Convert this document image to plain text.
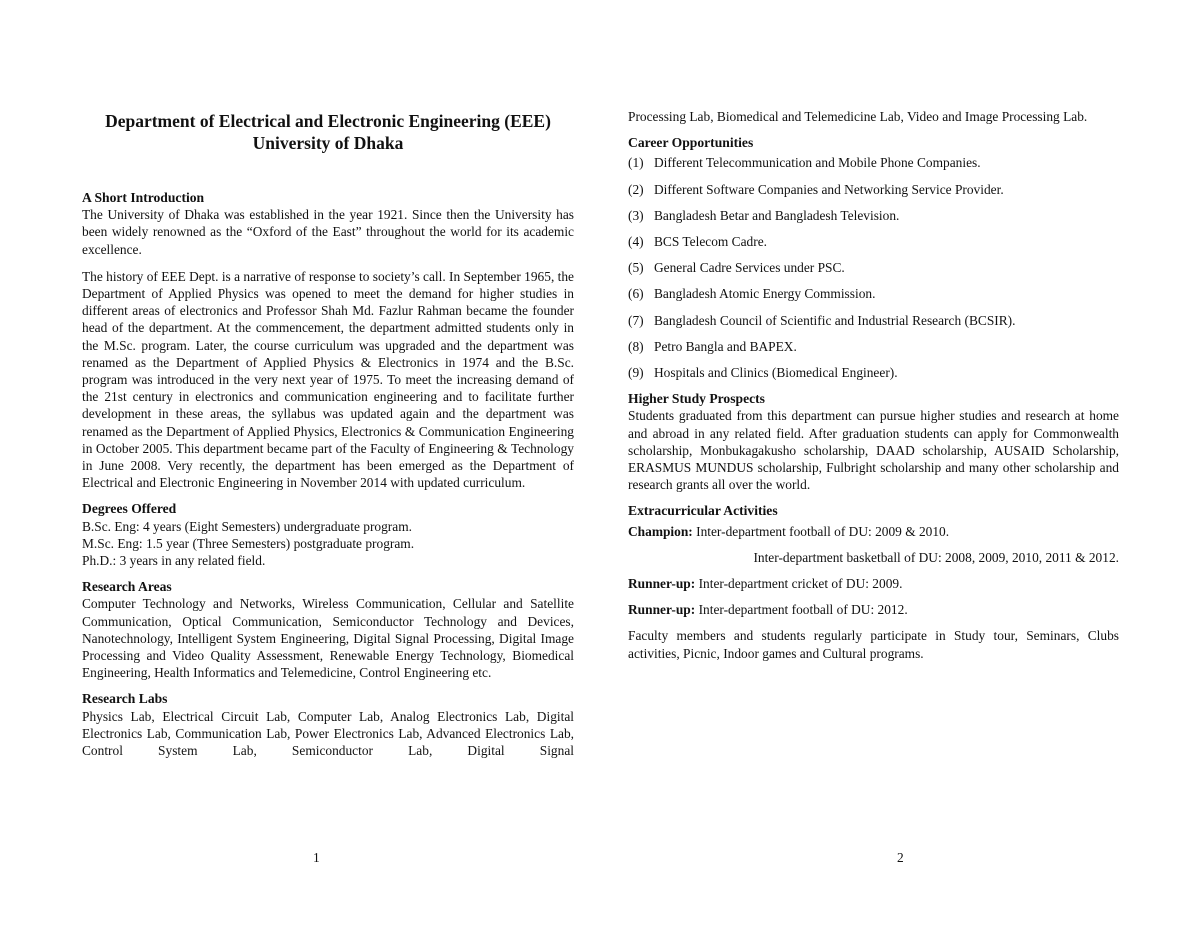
Department of Electrical and Electronic Engineering (EEE)
University of Dhaka
A Short Introduction

The University of Dhaka was established in the year 1921. Since then the University has been widely renowned as the “Oxford of the East” throughout the world for its academic excellence.

The history of EEE Dept. is a narrative of response to society’s call. In September 1965, the Department of Applied Physics was opened to meet the demand for higher studies in different areas of electronics and Professor Shah Md. Fazlur Rahman became the founder head of the department. At the commencement, the department admitted students only in the M.Sc. program. Later, the course curriculum was upgraded and the department was renamed as the Department of Applied Physics & Electronics in 1974 and the B.Sc. program was introduced in the very next year of 1975. To meet the increasing demand of the 21st century in electronics and communication engineering and to facilitate further development in these areas, the syllabus was updated again and the department was renamed as the Department of Applied Physics, Electronics & Communication Engineering in October 2005. This department became part of the Faculty of Engineering & Technology in June 2008. Very recently, the department has been emerged as the Department of Electrical and Electronic Engineering in November 2014 with updated curriculum.

Degrees Offered

B.Sc. Eng: 4 years (Eight Semesters) undergraduate program.

M.Sc. Eng: 1.5 year (Three Semesters) postgraduate program.

Ph.D.: 3 years in any related field.

Research Areas

Computer Technology and Networks, Wireless Communication, Cellular and Satellite Communication, Optical Communication, Semiconductor Technology and Devices, Nanotechnology, Intelligent System Engineering, Digital Signal Processing, Digital Image Processing and Video Quality Assessment, Renewable Energy Technology, Biomedical Engineering, Health Informatics and Telemedicine, Control Engineering etc.

Research Labs

Physics Lab, Electrical Circuit Lab, Computer Lab, Analog Electronics Lab, Digital Electronics Lab, Communication Lab, Power Electronics Lab, Advanced Electronics Lab, Control System Lab, Semiconductor Lab, Digital Signal

1

Processing Lab, Biomedical and Telemedicine Lab, Video and Image Processing Lab.

Career Opportunities
(1) Different Telecommunication and Mobile Phone Companies.
(2) Different Software Companies and Networking Service Provider.
(3) Bangladesh Betar and Bangladesh Television.
(4) BCS Telecom Cadre.
(5) General Cadre Services under PSC.
(6) Bangladesh Atomic Energy Commission.
(7) Bangladesh Council of Scientific and Industrial Research (BCSIR).
(8) Petro Bangla and BAPEX.
(9) Hospitals and Clinics (Biomedical Engineer).
Higher Study Prospects

Students graduated from this department can pursue higher studies and research at home and abroad in any related field. After graduation students can apply for Commonwealth scholarship, Monbukagakusho scholarship, DAAD scholarship, AUSAID Scholarship, ERASMUS MUNDUS scholarship, Fulbright scholarship and many other scholarship and research grants all over the world.

Extracurricular Activities

Champion: Inter-department football of DU: 2009 & 2010.

Inter-department basketball of DU: 2008, 2009, 2010, 2011 & 2012.

Runner-up: Inter-department cricket of DU: 2009.

Runner-up: Inter-department football of DU: 2012.

Faculty members and students regularly participate in Study tour, Seminars, Clubs activities, Picnic, Indoor games and Cultural programs.

2
